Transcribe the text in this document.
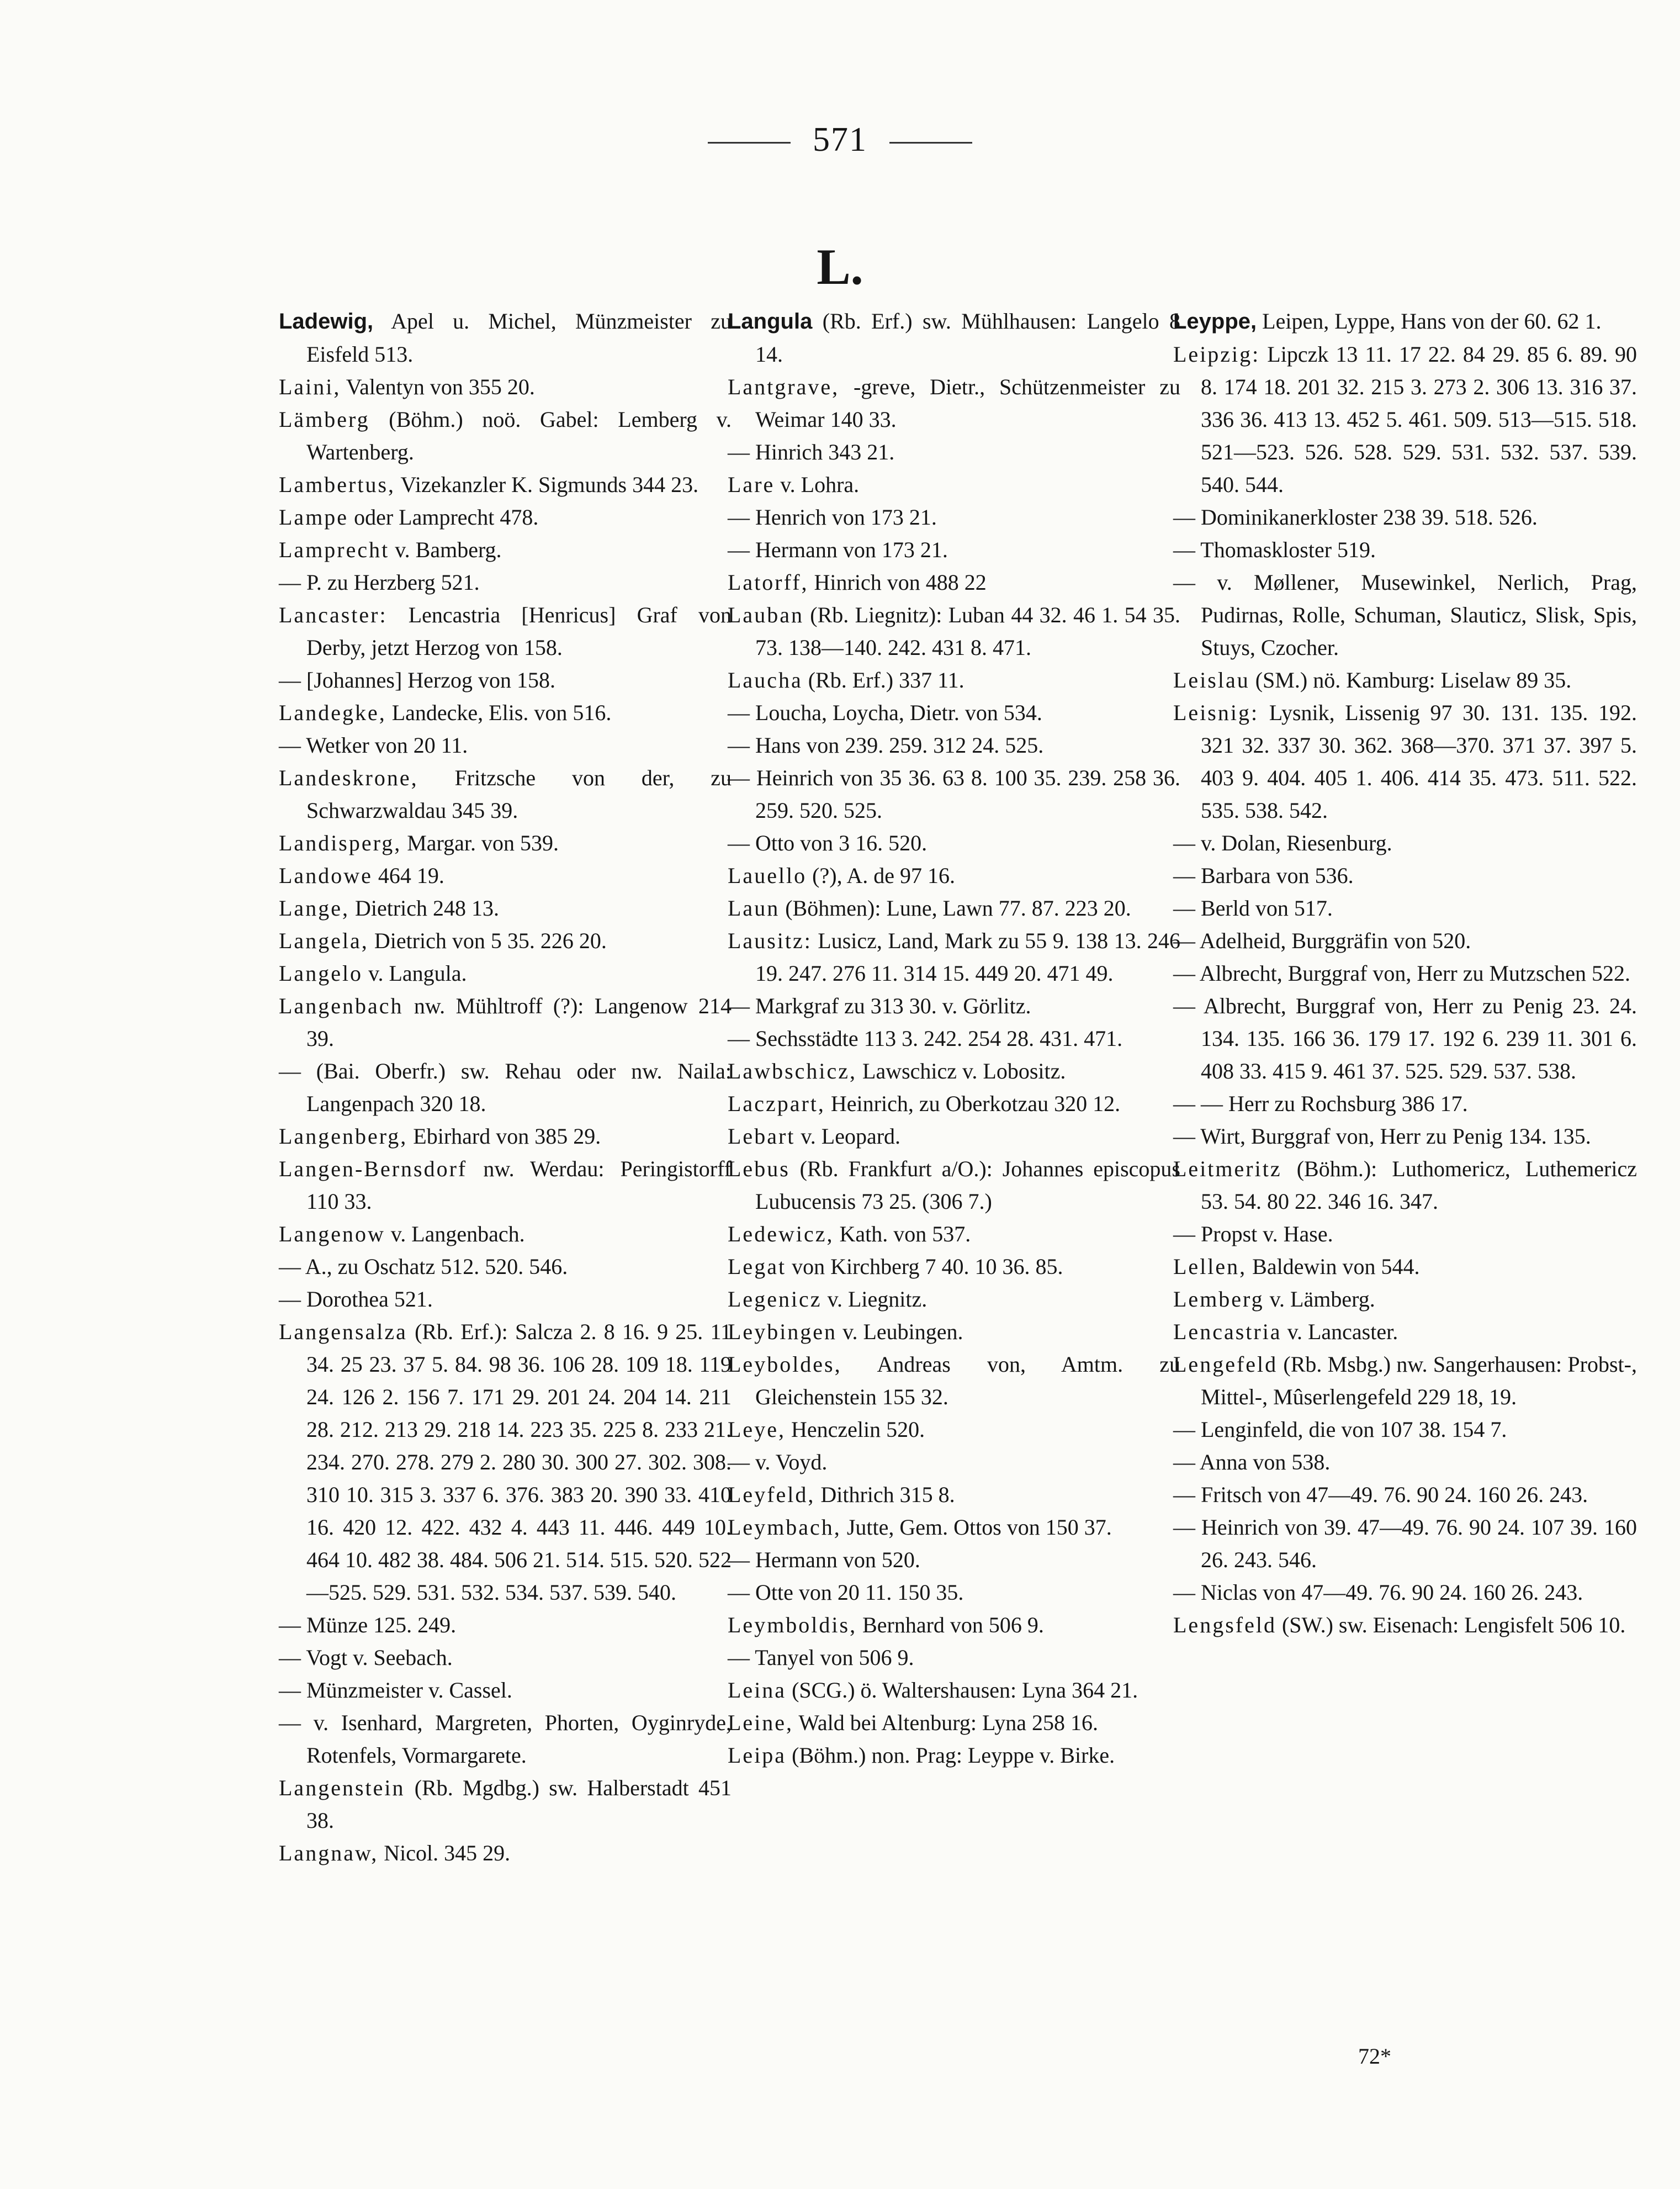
571
L.
Ladewig, Apel u. Michel, Münzmeister zu Eisfeld 513.
Laini, Valentyn von 355 20.
Lämberg (Böhm.) noö. Gabel: Lemberg v. Wartenberg.
Lambertus, Vizekanzler K. Sigmunds 344 23.
Lampe oder Lamprecht 478.
Lamprecht v. Bamberg.
— P. zu Herzberg 521.
Lancaster: Lencastria [Henricus] Graf von Derby, jetzt Herzog von 158.
— [Johannes] Herzog von 158.
Landegke, Landecke, Elis. von 516.
— Wetker von 20 11.
Landeskrone, Fritzsche von der, zu Schwarzwaldau 345 39.
Landisperg, Margar. von 539.
Landowe 464 19.
Lange, Dietrich 248 13.
Langela, Dietrich von 5 35. 226 20.
Langelo v. Langula.
Langenbach nw. Mühltroff (?): Langenow 214 39.
— (Bai. Oberfr.) sw. Rehau oder nw. Naila: Langenpach 320 18.
Langenberg, Ebirhard von 385 29.
Langen-Bernsdorf nw. Werdau: Peringistorff 110 33.
Langenow v. Langenbach.
— A., zu Oschatz 512. 520. 546.
— Dorothea 521.
Langensalza (Rb. Erf.): Salcza 2. 8 16. 9 25. 11 34. 25 23. 37 5. 84. 98 36. 106 28. 109 18. 119 24. 126 2. 156 7. 171 29. 201 24. 204 14. 211 28. 212. 213 29. 218 14. 223 35. 225 8. 233 21. 234. 270. 278. 279 2. 280 30. 300 27. 302. 308. 310 10. 315 3. 337 6. 376. 383 20. 390 33. 410 16. 420 12. 422. 432 4. 443 11. 446. 449 10. 464 10. 482 38. 484. 506 21. 514. 515. 520. 522—525. 529. 531. 532. 534. 537. 539. 540.
— Münze 125. 249.
— Vogt v. Seebach.
— Münzmeister v. Cassel.
— v. Isenhard, Margreten, Phorten, Oyginryde, Rotenfels, Vormargarete.
Langenstein (Rb. Mgdbg.) sw. Halberstadt 451 38.
Langnaw, Nicol. 345 29.
Langula (Rb. Erf.) sw. Mühlhausen: Langelo 8 14.
Lantgrave, -greve, Dietr., Schützenmeister zu Weimar 140 33.
— Hinrich 343 21.
Lare v. Lohra.
— Henrich von 173 21.
— Hermann von 173 21.
Latorff, Hinrich von 488 22
Lauban (Rb. Liegnitz): Luban 44 32. 46 1. 54 35. 73. 138—140. 242. 431 8. 471.
Laucha (Rb. Erf.) 337 11.
— Loucha, Loycha, Dietr. von 534.
— Hans von 239. 259. 312 24. 525.
— Heinrich von 35 36. 63 8. 100 35. 239. 258 36. 259. 520. 525.
— Otto von 3 16. 520.
Lauello (?), A. de 97 16.
Laun (Böhmen): Lune, Lawn 77. 87. 223 20.
Lausitz: Lusicz, Land, Mark zu 55 9. 138 13. 246 19. 247. 276 11. 314 15. 449 20. 471 49.
— Markgraf zu 313 30. v. Görlitz.
— Sechsstädte 113 3. 242. 254 28. 431. 471.
Lawbschicz, Lawschicz v. Lobositz.
Laczpart, Heinrich, zu Oberkotzau 320 12.
Lebart v. Leopard.
Lebus (Rb. Frankfurt a/O.): Johannes episcopus Lubucensis 73 25. (306 7.)
Ledewicz, Kath. von 537.
Legat von Kirchberg 7 40. 10 36. 85.
Legenicz v. Liegnitz.
Leybingen v. Leubingen.
Leyboldes, Andreas von, Amtm. zu Gleichenstein 155 32.
Leye, Henczelin 520.
— v. Voyd.
Leyfeld, Dithrich 315 8.
Leymbach, Jutte, Gem. Ottos von 150 37.
— Hermann von 520.
— Otte von 20 11. 150 35.
Leymboldis, Bernhard von 506 9.
— Tanyel von 506 9.
Leina (SCG.) ö. Waltershausen: Lyna 364 21.
Leine, Wald bei Altenburg: Lyna 258 16.
Leipa (Böhm.) non. Prag: Leyppe v. Birke.
Leyppe, Leipen, Lyppe, Hans von der 60. 62 1.
Leipzig: Lipczk 13 11. 17 22. 84 29. 85 6. 89. 90 8. 174 18. 201 32. 215 3. 273 2. 306 13. 316 37. 336 36. 413 13. 452 5. 461. 509. 513—515. 518. 521—523. 526. 528. 529. 531. 532. 537. 539. 540. 544.
— Dominikanerkloster 238 39. 518. 526.
— Thomaskloster 519.
— v. Møllener, Musewinkel, Nerlich, Prag, Pudirnas, Rolle, Schuman, Slauticz, Slisk, Spis, Stuys, Czocher.
Leislau (SM.) nö. Kamburg: Liselaw 89 35.
Leisnig: Lysnik, Lissenig 97 30. 131. 135. 192. 321 32. 337 30. 362. 368—370. 371 37. 397 5. 403 9. 404. 405 1. 406. 414 35. 473. 511. 522. 535. 538. 542.
— v. Dolan, Riesenburg.
— Barbara von 536.
— Berld von 517.
— Adelheid, Burggräfin von 520.
— Albrecht, Burggraf von, Herr zu Mutzschen 522.
— Albrecht, Burggraf von, Herr zu Penig 23. 24. 134. 135. 166 36. 179 17. 192 6. 239 11. 301 6. 408 33. 415 9. 461 37. 525. 529. 537. 538.
— — Herr zu Rochsburg 386 17.
— Wirt, Burggraf von, Herr zu Penig 134. 135.
Leitmeritz (Böhm.): Luthomericz, Luthemericz 53. 54. 80 22. 346 16. 347.
— Propst v. Hase.
Lellen, Baldewin von 544.
Lemberg v. Lämberg.
Lencastria v. Lancaster.
Lengefeld (Rb. Msbg.) nw. Sangerhausen: Probst-, Mittel-, Mûserlengefeld 229 18, 19.
— Lenginfeld, die von 107 38. 154 7.
— Anna von 538.
— Fritsch von 47—49. 76. 90 24. 160 26. 243.
— Heinrich von 39. 47—49. 76. 90 24. 107 39. 160 26. 243. 546.
— Niclas von 47—49. 76. 90 24. 160 26. 243.
Lengsfeld (SW.) sw. Eisenach: Lengisfelt 506 10.
72*
